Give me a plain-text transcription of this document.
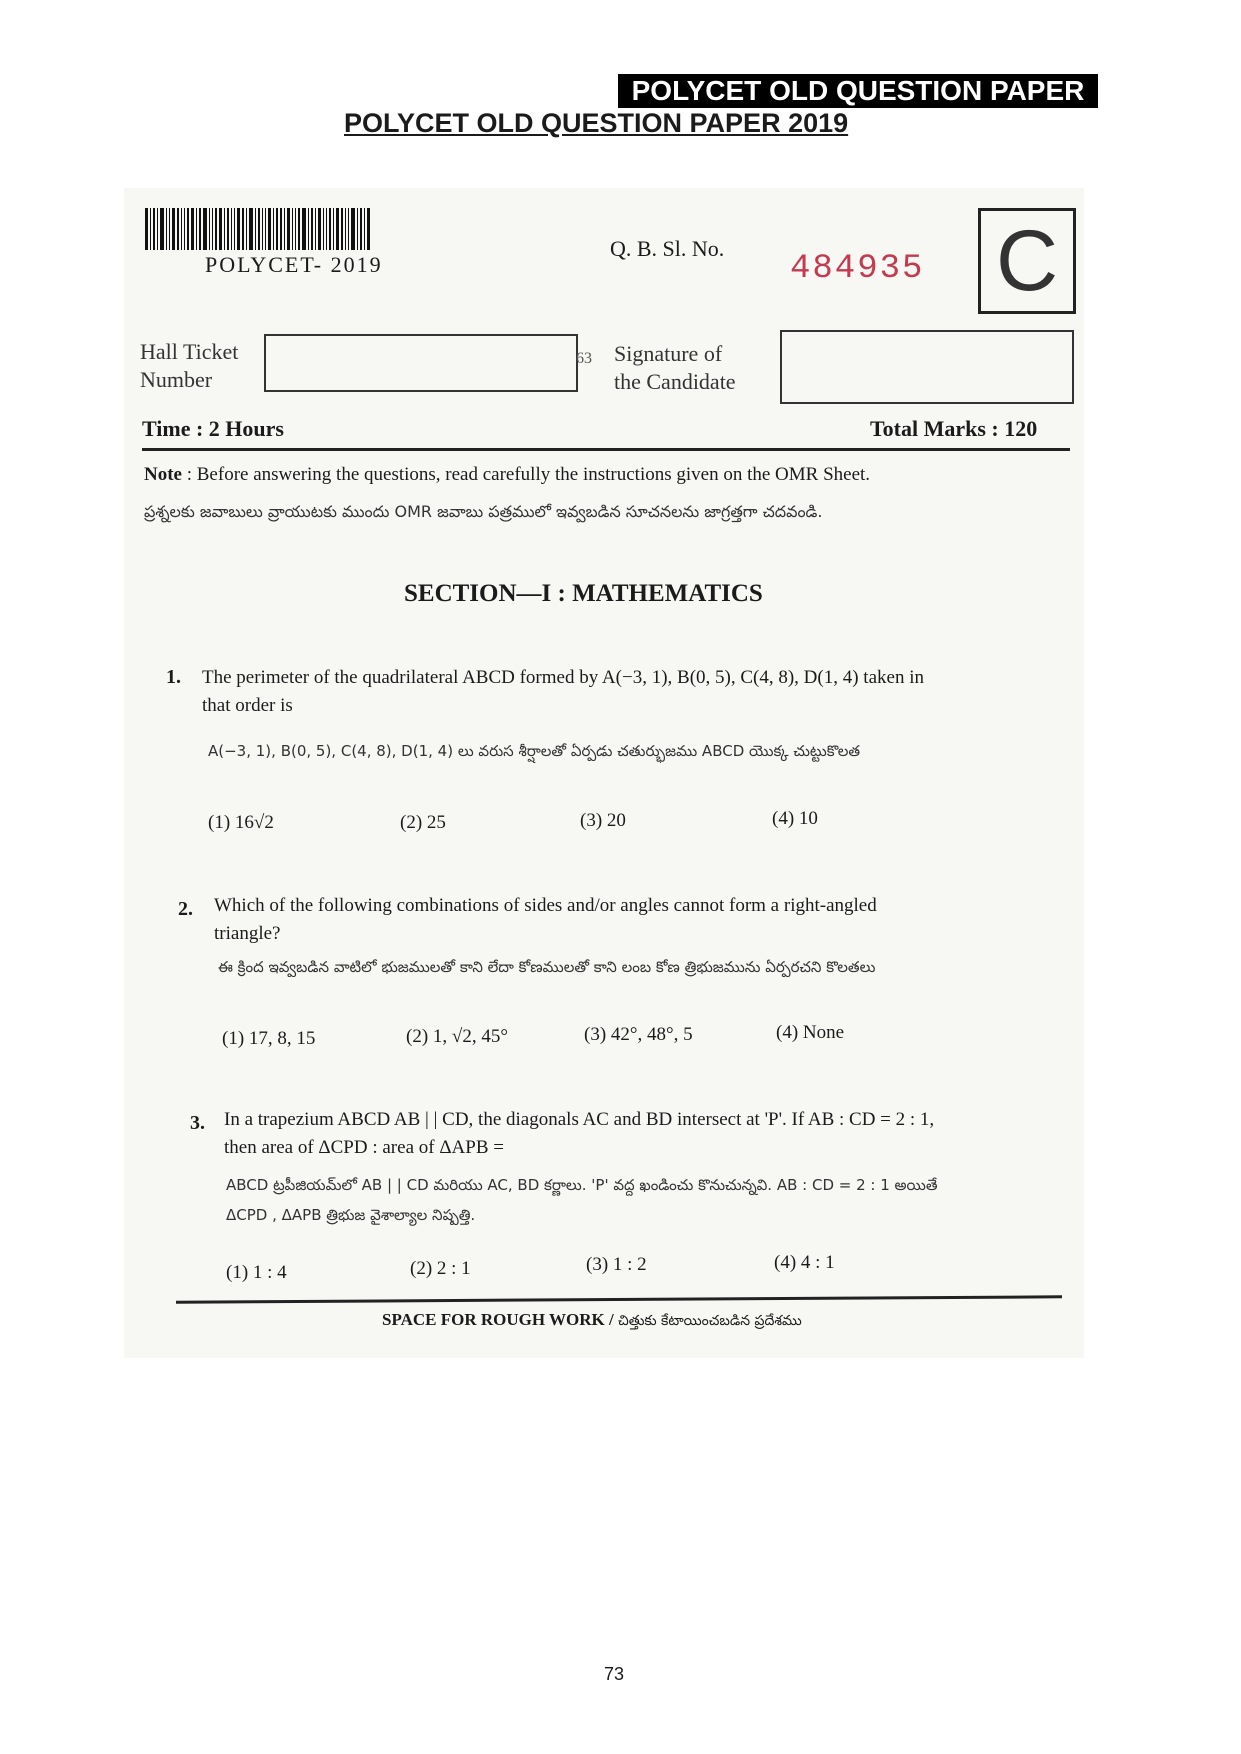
POLYCET OLD QUESTION PAPER
POLYCET OLD QUESTION PAPER 2019
POLYCET- 2019
Q. B. Sl. No.
484935 C
Hall Ticket
Number
63 Signature of
the Candidate
Time : 2 Hours	Total Marks : 120
Note : Before answering the questions, read carefully the instructions given on the OMR Sheet.
ప్రశ్నలకు జవాబులు వ్రాయుటకు ముందు OMR జవాబు పత్రములో ఇవ్వబడిన సూచనలను జాగ్రత్తగా చదవండి.
SECTION—I : MATHEMATICS
1. The perimeter of the quadrilateral ABCD formed by A(−3, 1), B(0, 5), C(4, 8), D(1, 4) taken in
that order is
A(−3, 1), B(0, 5), C(4, 8), D(1, 4) లు వరుస శీర్షాలతో ఏర్పడు చతుర్భుజము ABCD యొక్క చుట్టుకొలత
(1) 16√2	(2) 25	(3) 20	(4) 10
2. Which of the following combinations of sides and/or angles cannot form a right-angled
triangle?
ఈ క్రింద ఇవ్వబడిన వాటిలో భుజములతో కాని లేదా కోణములతో కాని లంబ కోణ త్రిభుజమును ఏర్పరచని కొలతలు
(1) 17, 8, 15	(2) 1, √2, 45°	(3) 42°, 48°, 5	(4) None
3. In a trapezium ABCD AB | | CD, the diagonals AC and BD intersect at 'P'. If AB : CD = 2 : 1,
then area of ΔCPD : area of ΔAPB =
ABCD ట్రపీజియమ్‌లో AB | | CD మరియు AC, BD కర్ణాలు. 'P' వద్ద ఖండించు కొనుచున్నవి. AB : CD = 2 : 1 అయితే
ΔCPD , ΔAPB త్రిభుజ వైశాల్యాల నిష్పత్తి.
(1) 1 : 4	(2) 2 : 1	(3) 1 : 2	(4) 4 : 1
SPACE FOR ROUGH WORK / చిత్తుకు కేటాయించబడిన ప్రదేశము
73
